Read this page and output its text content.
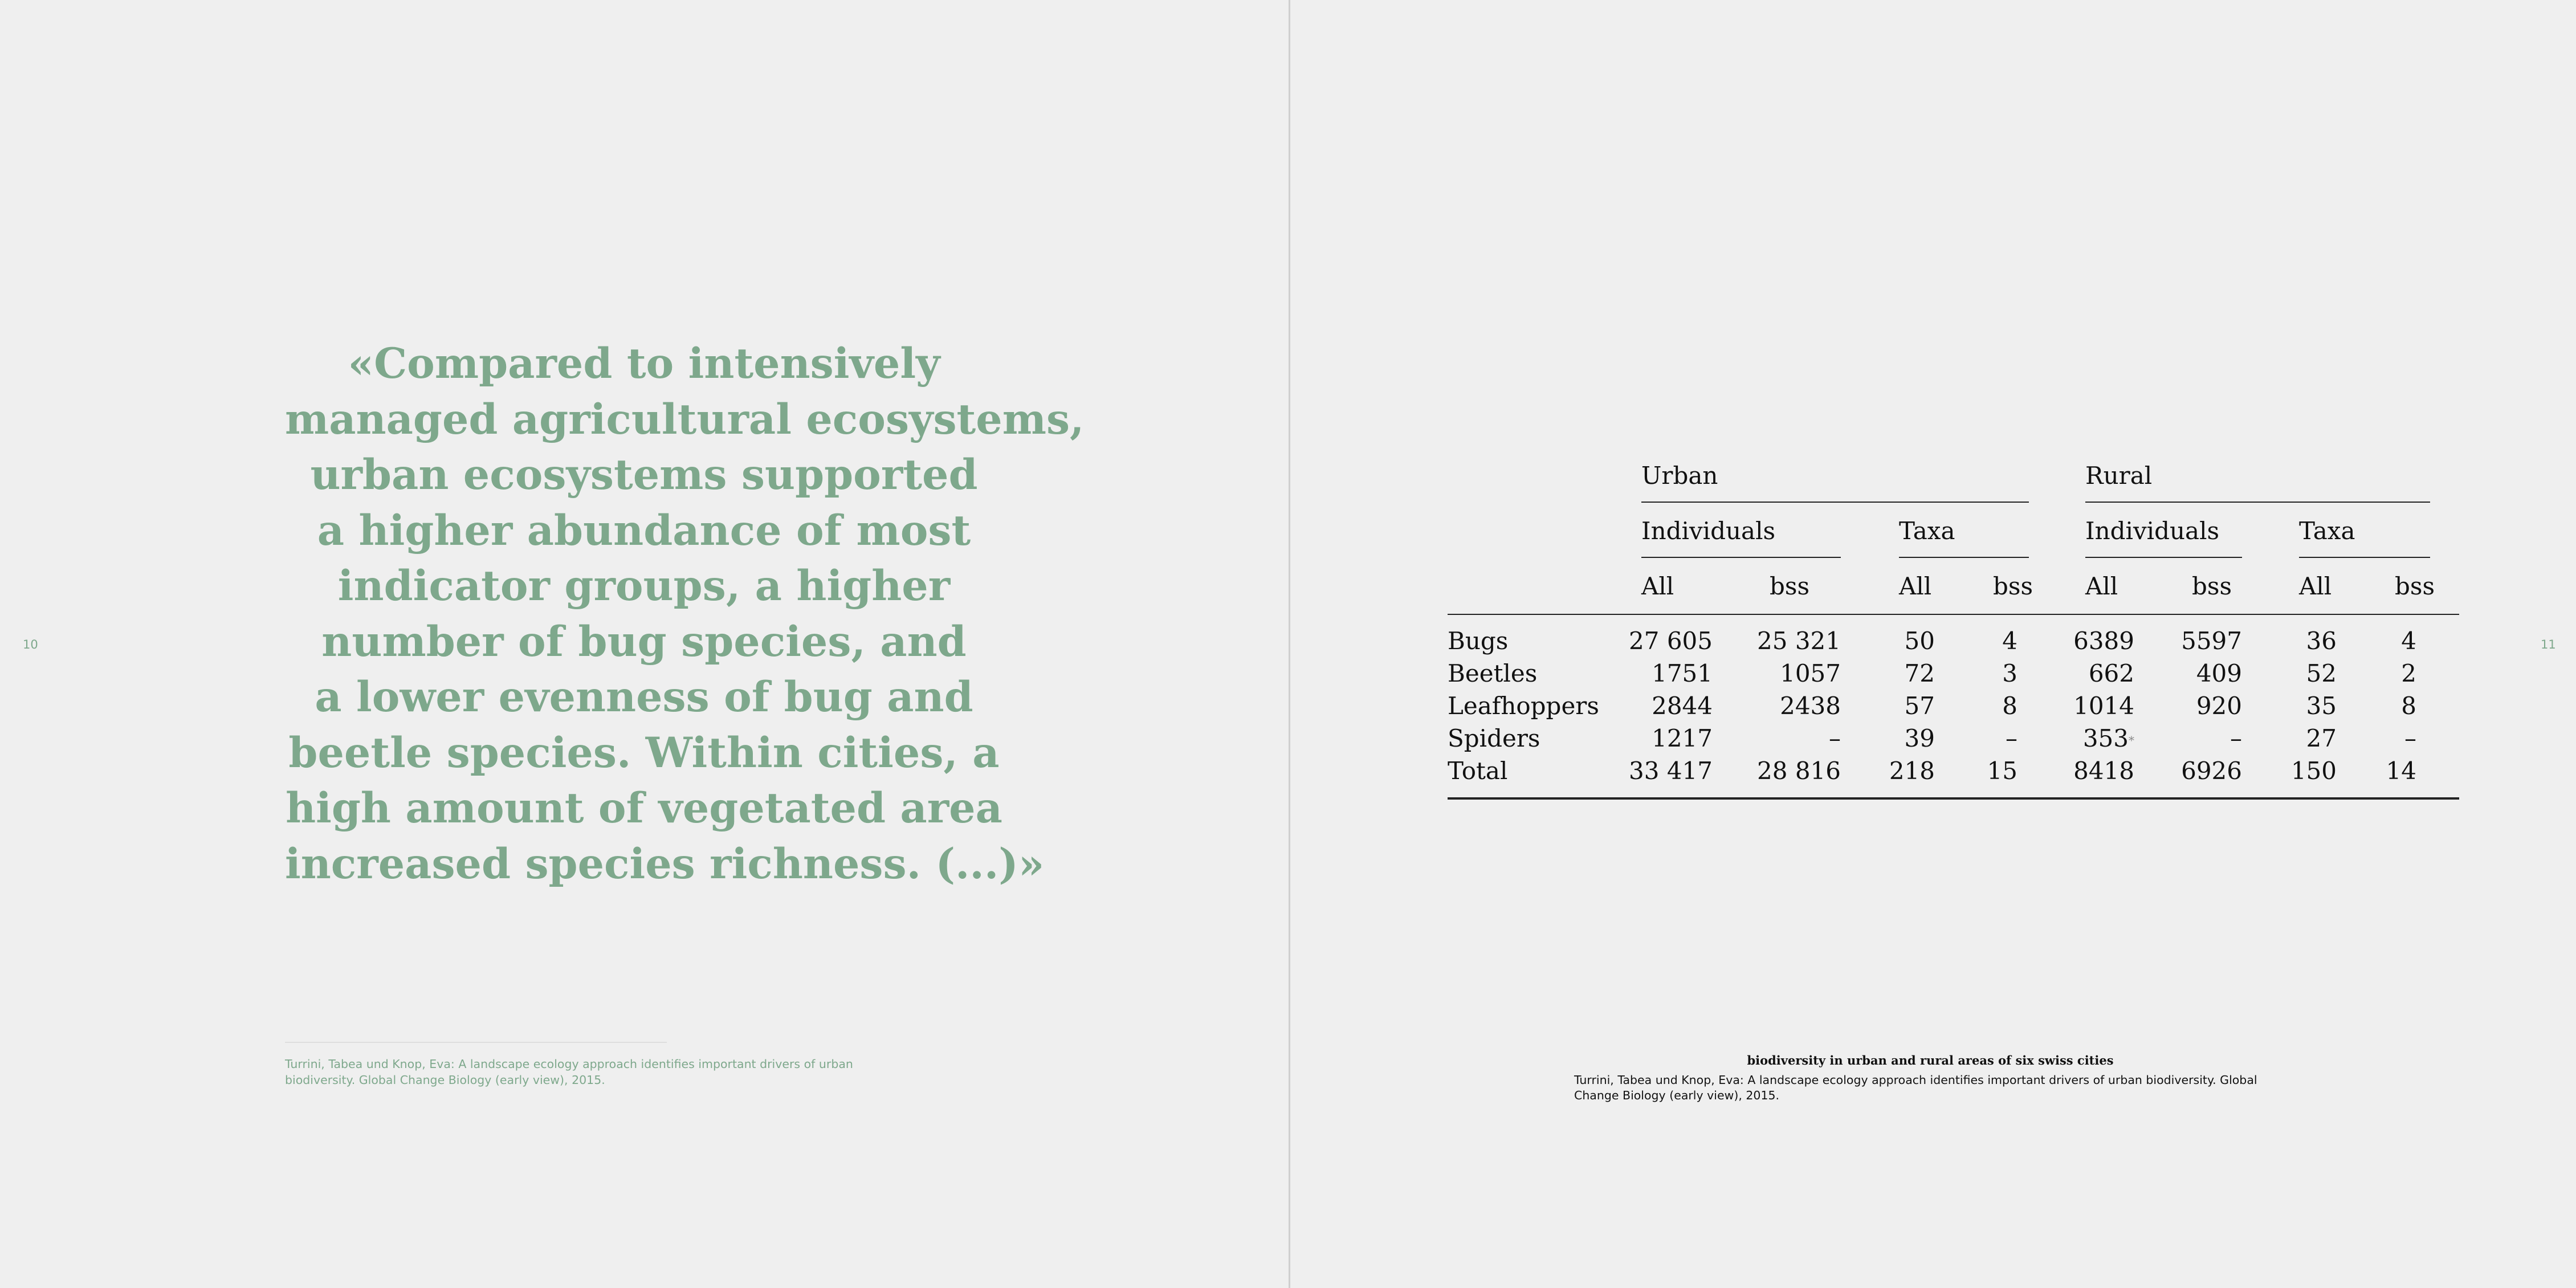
10	11
«Compared to intensively
managed agricultural ecosystems,
urban ecosystems supported
a higher abundance of most
indicator groups, a higher
number of bug species, and
a lower evenness of bug and
beetle species. Within cities, a
high amount of vegetated area
increased species richness. (...)»
Turrini, Tabea und Knop, Eva: A landscape ecology approach identifies important drivers of urban
biodiversity. Global Change Biology (early view), 2015.
Urban	Rural
Individuals	Taxa	Individuals	Taxa
All	bss	All	bss All	bss	All	bss
Bugs	27 605	25 321	50	4	6389	5597	36	4
Beetles	1751	1057	72	3	662	409	52	2
Leafhoppers	2844	2438	57	8	1014	920	35	8
Spiders	1217	–	39	–	353*	–	27	–
Total	33 417	28 816	218	15	8418	6926	150	14
biodiversity in urban and rural areas of six swiss cities
Turrini, Tabea und Knop, Eva: A landscape ecology approach identifies important drivers of urban biodiversity. Global
Change Biology (early view), 2015.
